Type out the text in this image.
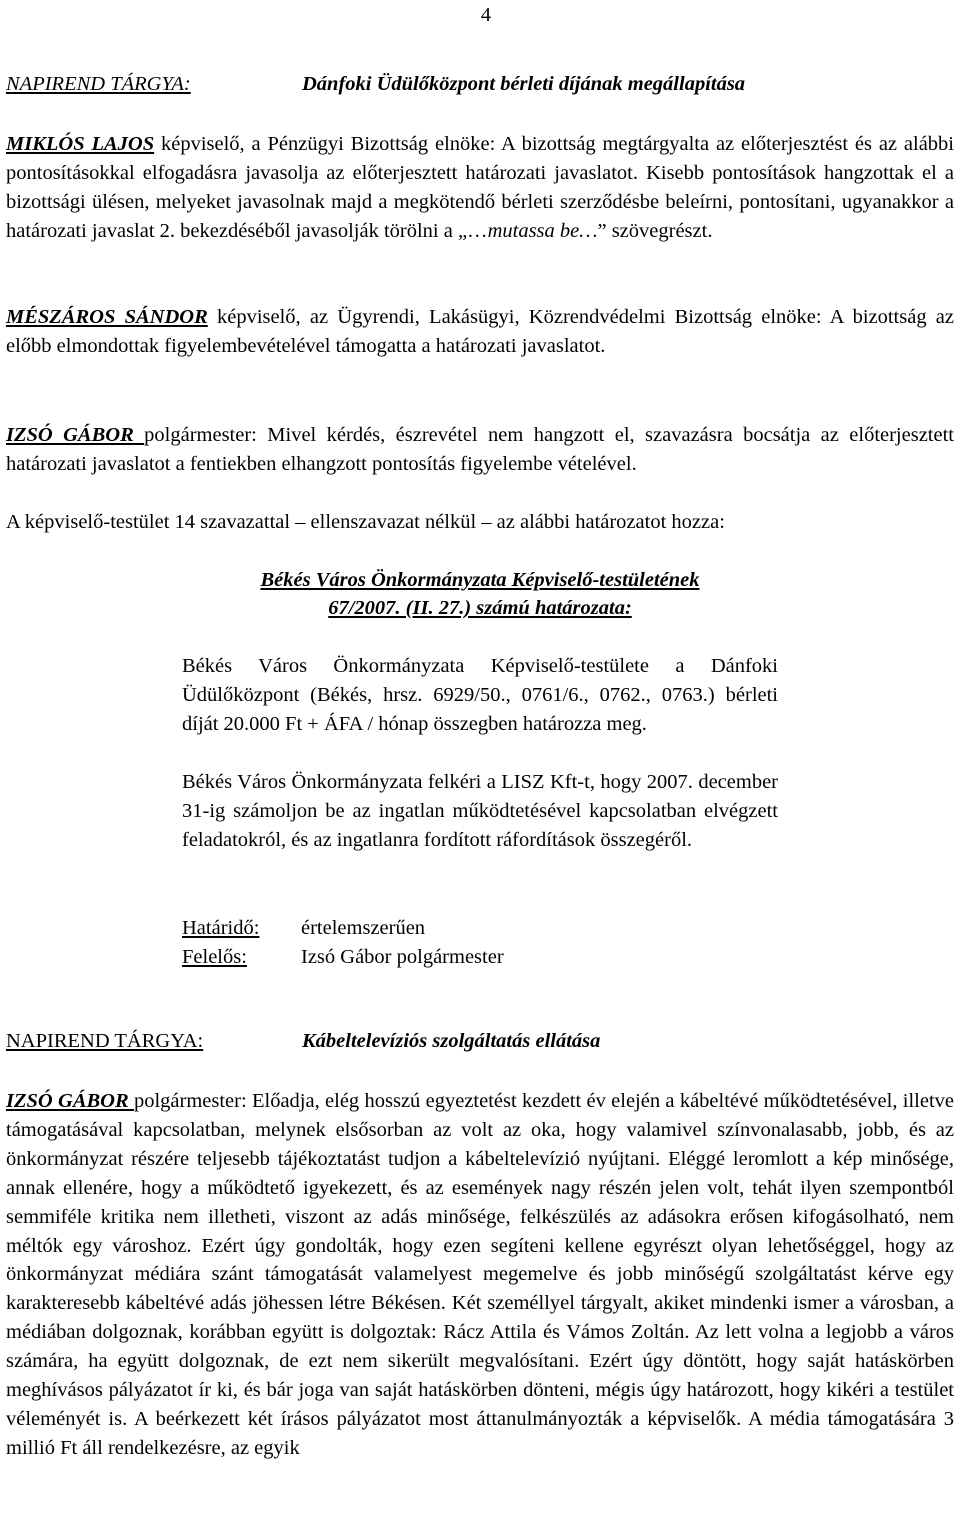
4
NAPIREND TÁRGYA:	Dánfoki Üdülőközpont bérleti díjának megállapítása

MIKLÓS LAJOS képviselő, a Pénzügyi Bizottság elnöke: A bizottság megtárgyalta az előterjesztést és az alábbi pontosításokkal elfogadásra javasolja az előterjesztett határozati javaslatot. Kisebb pontosítások hangzottak el a bizottsági ülésen, melyeket javasolnak majd a megkötendő bérleti szerződésbe beleírni, pontosítani, ugyanakkor a határozati javaslat 2. bekezdéséből javasolják törölni a „…mutassa be…” szövegrészt.

MÉSZÁROS SÁNDOR képviselő, az Ügyrendi, Lakásügyi, Közrendvédelmi Bizottság elnöke: A bizottság az előbb elmondottak figyelembevételével támogatta a határozati javaslatot.

IZSÓ GÁBOR polgármester: Mivel kérdés, észrevétel nem hangzott el, szavazásra bocsátja az előterjesztett határozati javaslatot a fentiekben elhangzott pontosítás figyelembe vételével.

A képviselő-testület 14 szavazattal – ellenszavazat nélkül – az alábbi határozatot hozza:

Békés Város Önkormányzata Képviselő-testületének
67/2007. (II. 27.) számú határozata:

Békés Város Önkormányzata Képviselő-testülete a Dánfoki Üdülőközpont (Békés, hrsz. 6929/50., 0761/6., 0762., 0763.) bérleti díját 20.000 Ft + ÁFA / hónap összegben határozza meg.

Békés Város Önkormányzata felkéri a LISZ Kft-t, hogy 2007. december 31-ig számoljon be az ingatlan működtetésével kapcsolatban elvégzett feladatokról, és az ingatlanra fordított ráfordítások összegéről.

Határidő: értelemszerűen
Felelős:	Izsó Gábor polgármester
NAPIREND TÁRGYA:	Kábeltelevíziós szolgáltatás ellátása

IZSÓ GÁBOR polgármester: Előadja, elég hosszú egyeztetést kezdett év elején a kábeltévé működtetésével, illetve támogatásával kapcsolatban, melynek elsősorban az volt az oka, hogy valamivel színvonalasabb, jobb, és az önkormányzat részére teljesebb tájékoztatást tudjon a kábeltelevízió nyújtani. Eléggé leromlott a kép minősége, annak ellenére, hogy a működtető igyekezett, és az események nagy részén jelen volt, tehát ilyen szempontból semmiféle kritika nem illetheti, viszont az adás minősége, felkészülés az adásokra erősen kifogásolható, nem méltók egy városhoz. Ezért úgy gondolták, hogy ezen segíteni kellene egyrészt olyan lehetőséggel, hogy az önkormányzat médiára szánt támogatását valamelyest megemelve és jobb minőségű szolgáltatást kérve egy karakteresebb kábeltévé adás jöhessen létre Békésen. Két személlyel tárgyalt, akiket mindenki ismer a városban, a médiában dolgoznak, korábban együtt is dolgoztak: Rácz Attila és Vámos Zoltán. Az lett volna a legjobb a város számára, ha együtt dolgoznak, de ezt nem sikerült megvalósítani. Ezért úgy döntött, hogy saját hatáskörben meghívásos pályázatot ír ki, és bár joga van saját hatáskörben dönteni, mégis úgy határozott, hogy kikéri a testület véleményét is. A beérkezett két írásos pályázatot most áttanulmányozták a képviselők. A média támogatására 3 millió Ft áll rendelkezésre, az egyik
